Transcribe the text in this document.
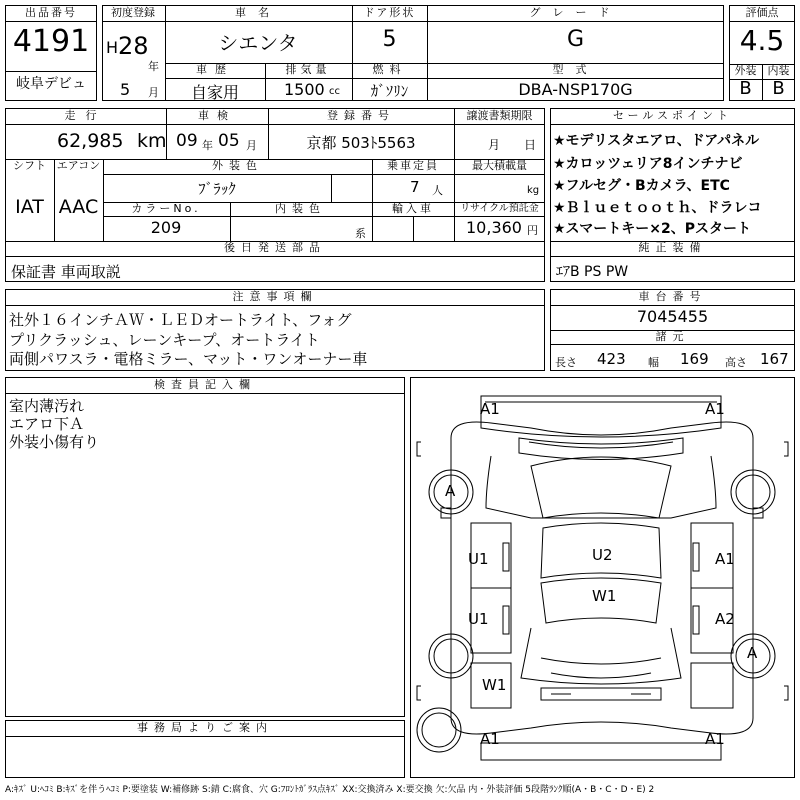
出品番号
4191
岐阜デビュ
初度登録
H 28
年
5 月
車名
シエンタ
ドア形状
5
グレード
G
車歴
自家用
排気量
1500 cc
燃料
ｶﾞｿﾘﾝ
型式
DBA-NSP170G
評価点
4.5
外装	内装
B	B
走行
62,985 km
車検
09 年 05 月
登録番号
京都 503ﾄ5563
譲渡書類期限
月 日
シフト エアコン
IAT AAC
外装色
ﾌﾞﾗｯｸ
乗車定員
7 人
最大積載量
kg
カラーNo.
209
内装色
系
輸入車	リサイクル預託金
10,360 円
後日発送部品
保証書 車両取説
セールスポイント
★モデリスタエアロ、ドアパネル
★カロッツェリア8インチナビ
★フルセグ・Bカメラ、ETC
★Ｂｌｕｅｔｏｏｔｈ、ドラレコ
★スマートキー×2、Pスタート
純正装備
ｴｱB PS PW
注意事項欄
社外１６インチＡＷ・ＬＥＤオートライト、フォグ
プリクラッシュ、レーンキープ、オートライト
両側パワスラ・電格ミラー、マット・ワンオーナー車
車台番号
7045455
諸元
長さ 423 幅 169 高さ 167
検査員記入欄
室内薄汚れ
エアロ下Ａ
外装小傷有り
事務局よりご案内
A1	A1
A
U1	A1
U2
W1
U1	A2
A
W1
A1	A1
A:ｷｽﾞ U:ﾍｺﾐ B:ｷｽﾞを伴うﾍｺﾐ P:要塗装 W:補修跡 S:錆 C:腐食、穴 G:ﾌﾛﾝﾄｶﾞﾗｽ点ｷｽﾞ XX:交換済み X:要交換 欠:欠品 内・外装評価 5段階ﾗﾝｸ順(A・B・C・D・E) 2
